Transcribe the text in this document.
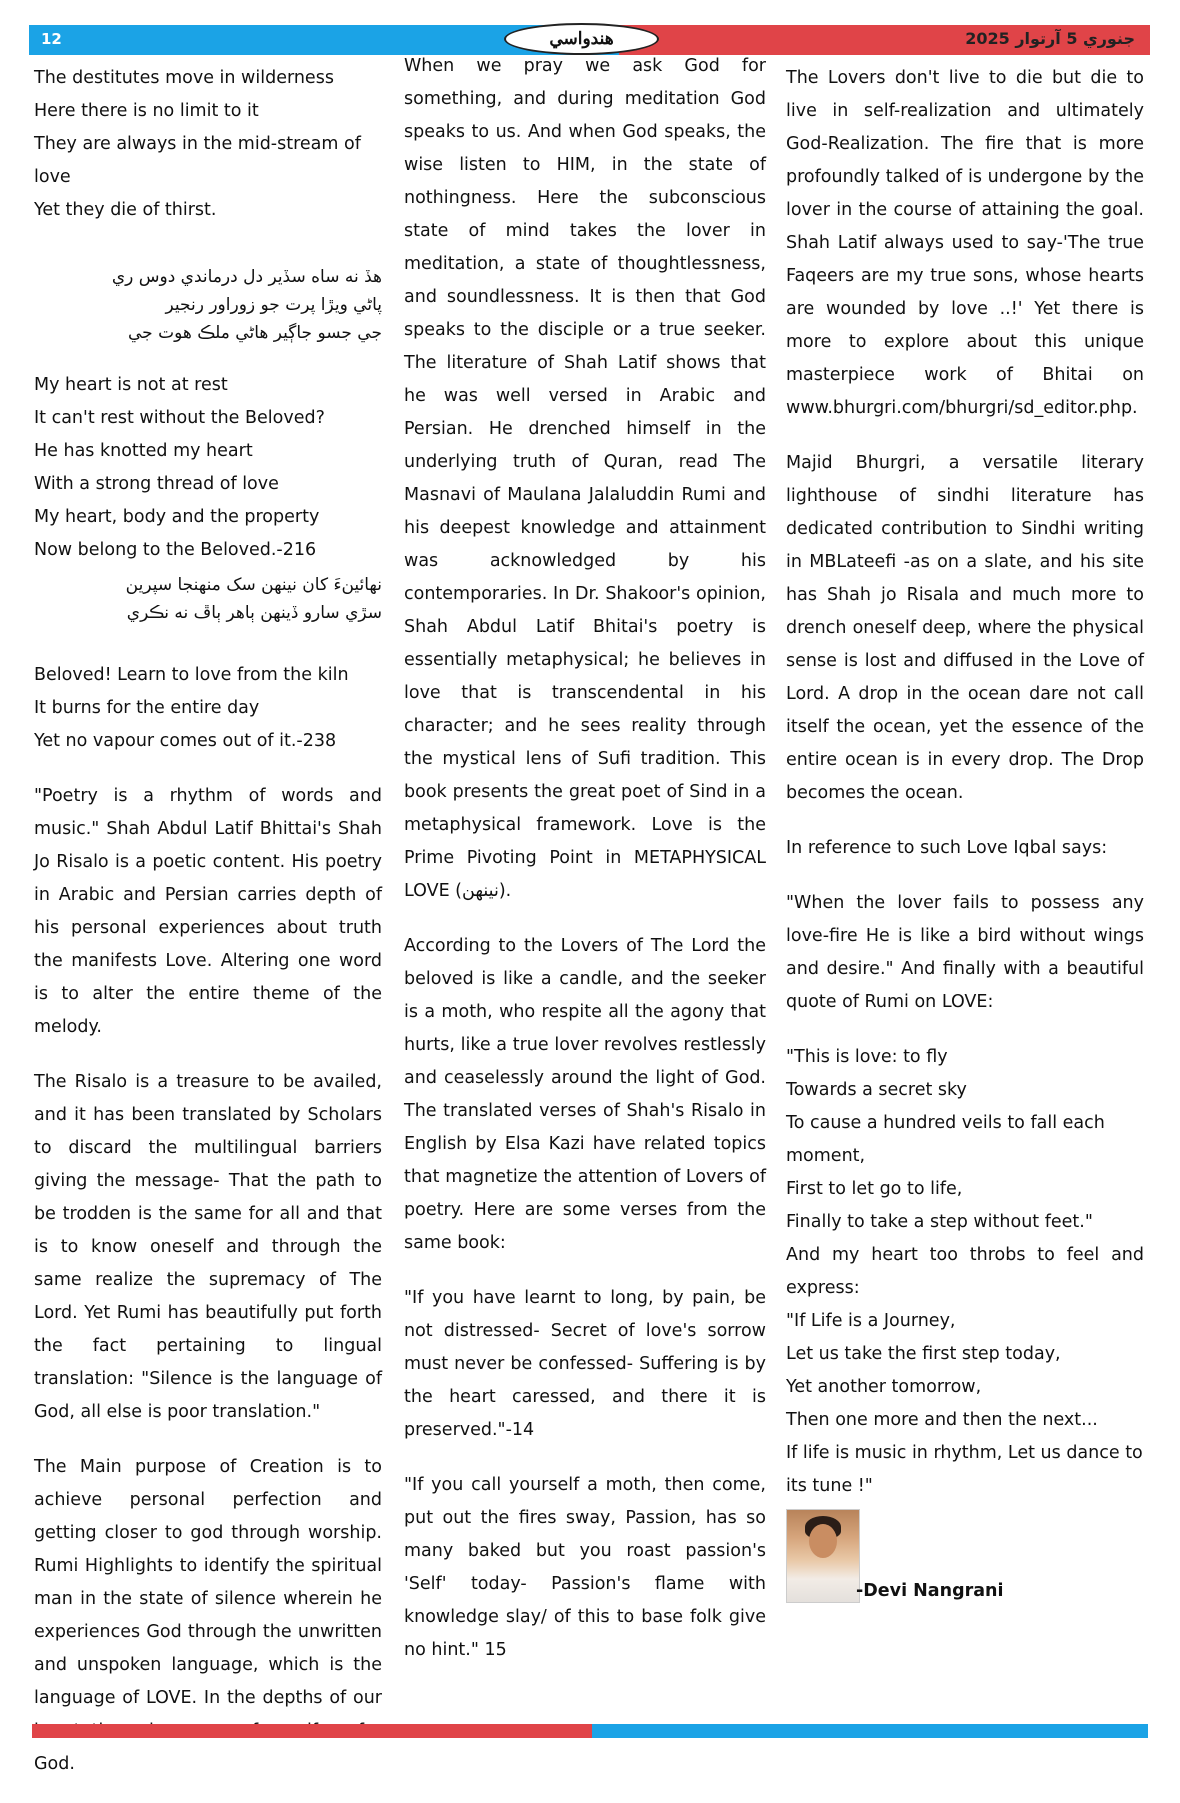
12	هندواسي	2025 جنوري 5 آرتوار

The destitutes move in wilderness
Here there is no limit to it
They are always in the mid-stream of love
Yet they die of thirst.

هڏ نه ساه سڏير دل درماندي دوس ري
پاڻي ويڙا پرت جو زوراور رنجير
جي جسو جاڳير هاڻي ملڪ هوت جي

My heart is not at rest
It can't rest without the Beloved?
He has knotted my heart
With a strong thread of love
My heart, body and the property
Now belong to the Beloved.-216

نهائينءَ کان نينهن سک منهنجا سپرين
سڙي سارو ڏينهن ٻاهر ٻاڦ نه نڪري

Beloved! Learn to love from the kiln
It burns for the entire day
Yet no vapour comes out of it.-238

"Poetry is a rhythm of words and music." Shah Abdul Latif Bhittai's Shah Jo Risalo is a poetic content. His poetry in Arabic and Persian carries depth of his personal experiences about truth the manifests Love. Altering one word is to alter the entire theme of the melody.

The Risalo is a treasure to be availed, and it has been translated by Scholars to discard the multilingual barriers giving the message- That the path to be trodden is the same for all and that is to know oneself and through the same realize the supremacy of The Lord. Yet Rumi has beautifully put forth the fact pertaining to lingual translation: "Silence is the language of God, all else is poor translation."

The Main purpose of Creation is to achieve personal perfection and getting closer to god through worship. Rumi Highlights to identify the spiritual man in the state of silence wherein he experiences God through the unwritten and unspoken language, which is the language of LOVE. In the depths of our God.

When we pray we ask God for something, and during meditation God speaks to us. And when God speaks, the wise listen to HIM, in the state of nothingness. Here the subconscious state of mind takes the lover in meditation, a state of thoughtlessness, and soundlessness. It is then that God speaks to the disciple or a true seeker. The literature of Shah Latif shows that he was well versed in Arabic and Persian. He drenched himself in the underlying truth of Quran, read The Masnavi of Maulana Jalaluddin Rumi and his deepest knowledge and attainment was acknowledged by his contemporaries. In Dr. Shakoor's opinion, Shah Abdul Latif Bhitai's poetry is essentially metaphysical; he believes in love that is transcendental in his character; and he sees reality through the mystical lens of Sufi tradition. This book presents the great poet of Sind in a metaphysical framework. Love is the Prime Pivoting Point in METAPHYSICAL LOVE (نينهن).

According to the Lovers of The Lord the beloved is like a candle, and the seeker is a moth, who respite all the agony that hurts, like a true lover revolves restlessly and ceaselessly around the light of God. The translated verses of Shah's Risalo in English by Elsa Kazi have related topics that magnetize the attention of Lovers of poetry. Here are some verses from the same book:

"If you have learnt to long, by pain, be not distressed- Secret of love's sorrow must never be confessed- Suffering is by the heart caressed, and there it is preserved."-14

"If you call yourself a moth, then come, put out the fires sway, Passion, has so many baked but you roast passion's 'Self' today- Passion's flame with knowledge slay/ of this to base folk give no hint." 15

The Lovers don't live to die but die to live in self-realization and ultimately God-Realization. The fire that is more profoundly talked of is undergone by the lover in the course of attaining the goal. Shah Latif always used to say-'The true Faqeers are my true sons, whose hearts are wounded by love ..!' Yet there is more to explore about this unique masterpiece work of Bhitai on www.bhurgri.com/bhurgri/sd_editor.php.

Majid Bhurgri, a versatile literary lighthouse of sindhi literature has dedicated contribution to Sindhi writing in MBLateefi -as on a slate, and his site has Shah jo Risala and much more to drench oneself deep, where the physical sense is lost and diffused in the Love of Lord. A drop in the ocean dare not call itself the ocean, yet the essence of the entire ocean is in every drop. The Drop becomes the ocean.

In reference to such Love Iqbal says:

"When the lover fails to possess any love-fire He is like a bird without wings and desire." And finally with a beautiful quote of Rumi on LOVE:

"This is love: to fly
Towards a secret sky
To cause a hundred veils to fall each moment,
First to let go to life,
Finally to take a step without feet."

And my heart too throbs to feel and express:

"If Life is a Journey,
Let us take the first step today,
Yet another tomorrow,
Then one more and then the next...
If life is music in rhythm, Let us dance to its tune !"

-Devi Nangrani
